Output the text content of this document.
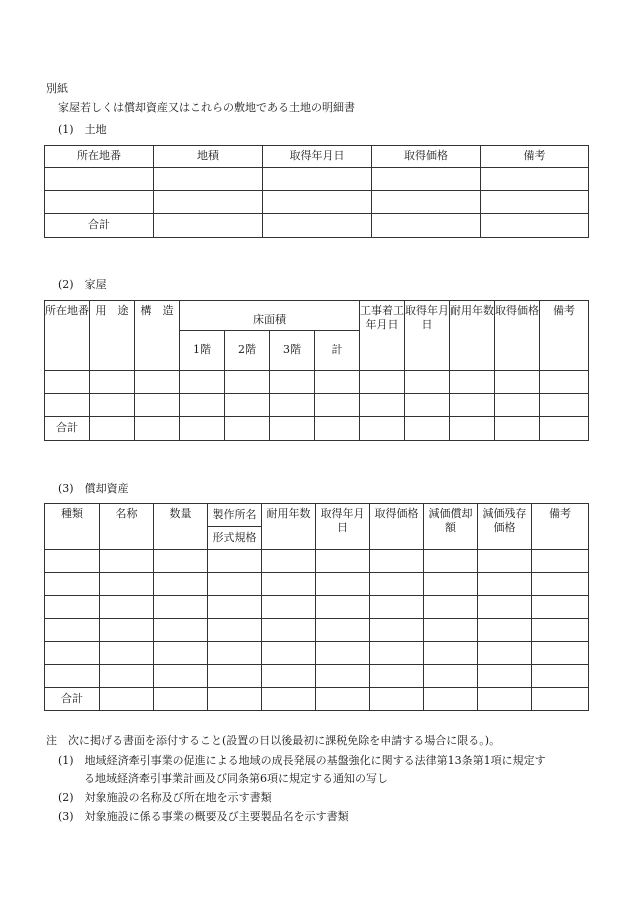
別紙
家屋若しくは償却資産又はこれらの敷地である土地の明細書
(1)　土地
所在地番	地積	取得年月日	取得価格	備考

合計				
(2)　家屋
所在地番	用　途	構　造	床面積				工事着工年月日	取得年月日	耐用年数	取得価格	備考
			1階	2階	3階	計					

合計											
(3)　償却資産
種類	名称	数量	製作所名	耐用年数	取得年月日	取得価格	減価償却額	減価残存価格	備考
			形式規格						

合計									
注　次に掲げる書面を添付すること(設置の日以後最初に課税免除を申請する場合に限る。)。
(1)　地域経済牽引事業の促進による地域の成長発展の基盤強化に関する法律第13条第1項に規定す
る地域経済牽引事業計画及び同条第6項に規定する通知の写し
(2)　対象施設の名称及び所在地を示す書類
(3)　対象施設に係る事業の概要及び主要製品名を示す書類
